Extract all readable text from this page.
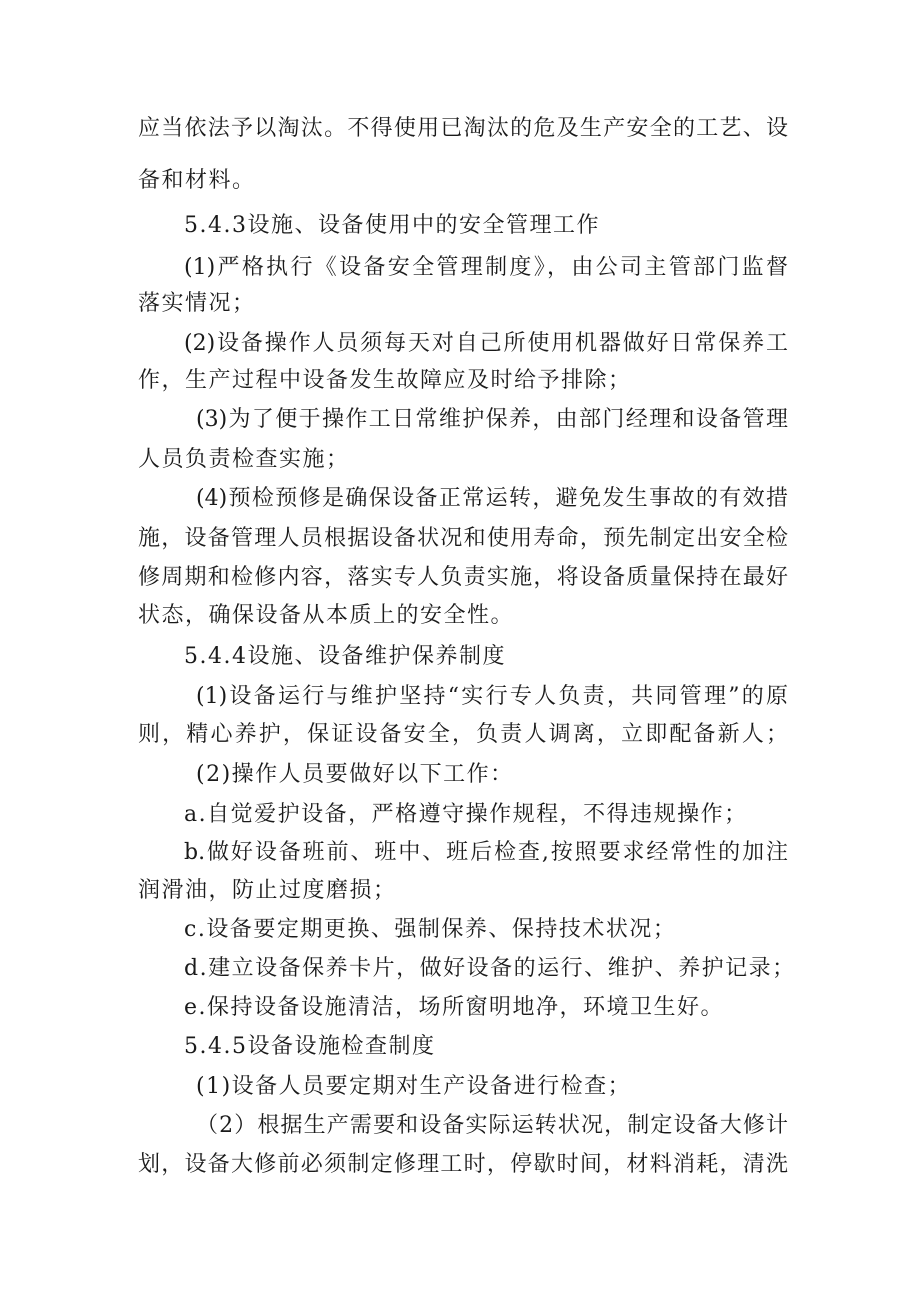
应当依法予以淘汰。不得使用已淘汰的危及生产安全的工艺、设

备和材料。

5.4.3设施、设备使用中的安全管理工作

(1)严格执行《设备安全管理制度》，由公司主管部门监督

落实情况；

(2)设备操作人员须每天对自己所使用机器做好日常保养工

作，生产过程中设备发生故障应及时给予排除；

(3)为了便于操作工日常维护保养，由部门经理和设备管理

人员负责检查实施；

(4)预检预修是确保设备正常运转，避免发生事故的有效措

施，设备管理人员根据设备状况和使用寿命，预先制定出安全检

修周期和检修内容，落实专人负责实施，将设备质量保持在最好

状态，确保设备从本质上的安全性。

5.4.4设施、设备维护保养制度

(1)设备运行与维护坚持“实行专人负责，共同管理”的原

则，精心养护，保证设备安全，负责人调离，立即配备新人；

(2)操作人员要做好以下工作：

a.自觉爱护设备，严格遵守操作规程，不得违规操作；

b.做好设备班前、班中、班后检查,按照要求经常性的加注

润滑油，防止过度磨损；

c.设备要定期更换、强制保养、保持技术状况；

d.建立设备保养卡片，做好设备的运行、维护、养护记录；

e.保持设备设施清洁，场所窗明地净，环境卫生好。

5.4.5设备设施检查制度

(1)设备人员要定期对生产设备进行检查；

（2）根据生产需要和设备实际运转状况，制定设备大修计

划，设备大修前必须制定修理工时，停歇时间，材料消耗，清洗
